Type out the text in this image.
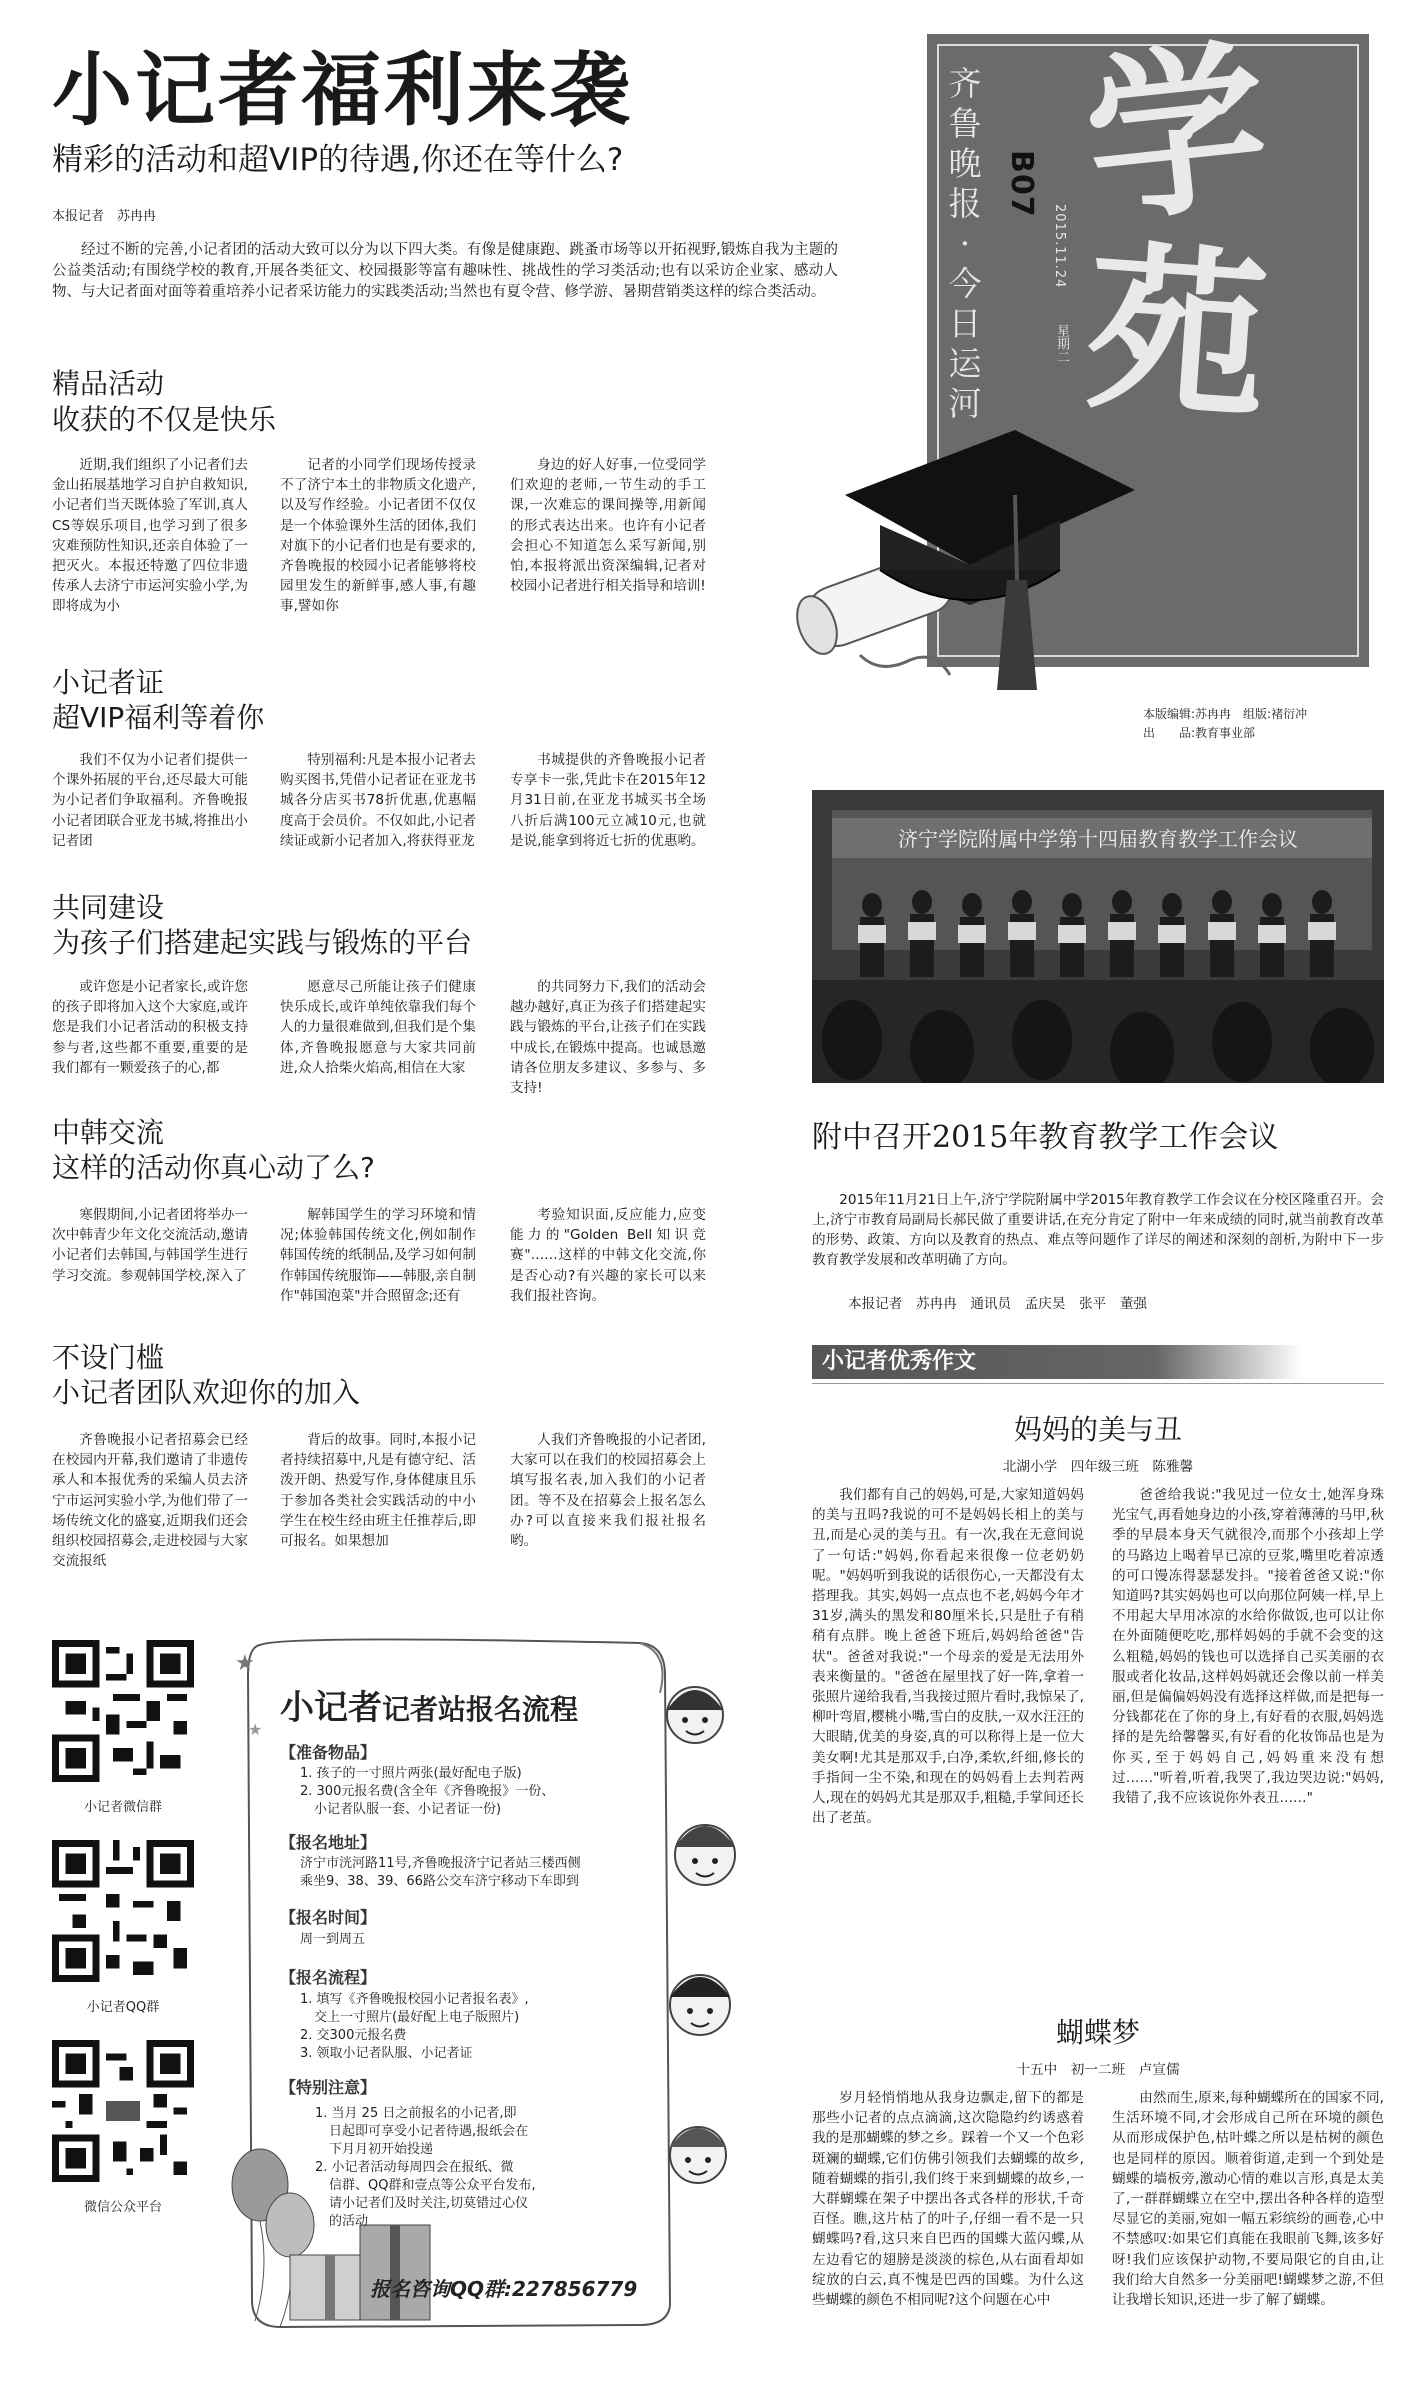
小记者福利来袭
精彩的活动和超VIP的待遇,你还在等什么?
本报记者　苏冉冉

经过不断的完善,小记者团的活动大致可以分为以下四大类。有像是健康跑、跳蚤市场等以开拓视野,锻炼自我为主题的公益类活动;有围绕学校的教育,开展各类征文、校园摄影等富有趣味性、挑战性的学习类活动;也有以采访企业家、感动人物、与大记者面对面等着重培养小记者采访能力的实践类活动;当然也有夏令营、修学游、暑期营销类这样的综合类活动。

精品活动
收获的不仅是快乐

近期,我们组织了小记者们去金山拓展基地学习自护自救知识,小记者们当天既体验了军训,真人CS等娱乐项目,也学习到了很多灾难预防性知识,还亲自体验了一把灭火。本报还特邀了四位非遗传承人去济宁市运河实验小学,为即将成为小

记者的小同学们现场传授录不了济宁本土的非物质文化遗产,以及写作经验。小记者团不仅仅是一个体验课外生活的团体,我们对旗下的小记者们也是有要求的,齐鲁晚报的校园小记者能够将校园里发生的新鲜事,感人事,有趣事,譬如你

身边的好人好事,一位受同学们欢迎的老师,一节生动的手工课,一次难忘的课间操等,用新闻的形式表达出来。也许有小记者会担心不知道怎么采写新闻,别怕,本报将派出资深编辑,记者对校园小记者进行相关指导和培训!

小记者证
超VIP福利等着你

我们不仅为小记者们提供一个课外拓展的平台,还尽最大可能为小记者们争取福利。齐鲁晚报小记者团联合亚龙书城,将推出小记者团

特别福利:凡是本报小记者去购买图书,凭借小记者证在亚龙书城各分店买书78折优惠,优惠幅度高于会员价。不仅如此,小记者续证或新小记者加入,将获得亚龙

书城提供的齐鲁晚报小记者专享卡一张,凭此卡在2015年12月31日前,在亚龙书城买书全场八折后满100元立减10元,也就是说,能拿到将近七折的优惠哟。

共同建设
为孩子们搭建起实践与锻炼的平台

或许您是小记者家长,或许您的孩子即将加入这个大家庭,或许您是我们小记者活动的积极支持参与者,这些都不重要,重要的是我们都有一颗爱孩子的心,都

愿意尽己所能让孩子们健康快乐成长,或许单纯依靠我们每个人的力量很难做到,但我们是个集体,齐鲁晚报愿意与大家共同前进,众人拾柴火焰高,相信在大家

的共同努力下,我们的活动会越办越好,真正为孩子们搭建起实践与锻炼的平台,让孩子们在实践中成长,在锻炼中提高。也诚恳邀请各位朋友多建议、多参与、多支持!

中韩交流
这样的活动你真心动了么?

寒假期间,小记者团将举办一次中韩青少年文化交流活动,邀请小记者们去韩国,与韩国学生进行学习交流。参观韩国学校,深入了

解韩国学生的学习环境和情况;体验韩国传统文化,例如制作韩国传统的纸制品,及学习如何制作韩国传统服饰——韩服,亲自制作"韩国泡菜"并合照留念;还有

考验知识面,反应能力,应变能力的"Golden Bell知识竞赛"……这样的中韩文化交流,你是否心动?有兴趣的家长可以来我们报社咨询。

不设门槛
小记者团队欢迎你的加入

齐鲁晚报小记者招募会已经在校园内开幕,我们邀请了非遗传承人和本报优秀的采编人员去济宁市运河实验小学,为他们带了一场传统文化的盛宴,近期我们还会组织校园招募会,走进校园与大家交流报纸

背后的故事。同时,本报小记者持续招募中,凡是有德守纪、活泼开朗、热爱写作,身体健康且乐于参加各类社会实践活动的中小学生在校生经由班主任推荐后,即可报名。如果想加

人我们齐鲁晚报的小记者团,大家可以在我们的校园招募会上填写报名表,加入我们的小记者团。等不及在招募会上报名怎么办?可以直接来我们报社报名哟。

学
苑
齐鲁晚报·今日运河
B07
2015.11.24
星期二
本版编辑:苏冉冉　组版:褚衍冲
出　　品:教育事业部
济宁学院附属中学第十四届教育教学工作会议
附中召开2015年教育教学工作会议

2015年11月21日上午,济宁学院附属中学2015年教育教学工作会议在分校区隆重召开。会上,济宁市教育局副局长郝民做了重要讲话,在充分肯定了附中一年来成绩的同时,就当前教育改革的形势、政策、方向以及教育的热点、难点等问题作了详尽的阐述和深刻的剖析,为附中下一步教育教学发展和改革明确了方向。

本报记者　苏冉冉　通讯员　孟庆昊　张平　董强
小记者优秀作文
妈妈的美与丑
北湖小学　四年级三班　陈雅馨

我们都有自己的妈妈,可是,大家知道妈妈的美与丑吗?我说的可不是妈妈长相上的美与丑,而是心灵的美与丑。有一次,我在无意间说了一句话:"妈妈,你看起来很像一位老奶奶呢。"妈妈听到我说的话很伤心,一天都没有太搭理我。其实,妈妈一点点也不老,妈妈今年才31岁,满头的黑发和80厘米长,只是肚子有稍稍有点胖。晚上爸爸下班后,妈妈给爸爸"告状"。爸爸对我说:"一个母亲的爱是无法用外表来衡量的。"爸爸在屋里找了好一阵,拿着一张照片递给我看,当我接过照片看时,我惊呆了,柳叶弯眉,樱桃小嘴,雪白的皮肤,一双水汪汪的大眼睛,优美的身姿,真的可以称得上是一位大美女啊!尤其是那双手,白净,柔软,纤细,修长的手指间一尘不染,和现在的妈妈看上去判若两人,现在的妈妈尤其是那双手,粗糙,手掌间还长出了老茧。

爸爸给我说:"我见过一位女士,她浑身珠光宝气,再看她身边的小孩,穿着薄薄的马甲,秋季的早晨本身天气就很冷,而那个小孩却上学的马路边上喝着早已凉的豆浆,嘴里吃着凉透的可口馒冻得瑟瑟发抖。"接着爸爸又说:"你知道吗?其实妈妈也可以向那位阿姨一样,早上不用起大早用冰凉的水给你做饭,也可以让你在外面随便吃吃,那样妈妈的手就不会变的这么粗糙,妈妈的钱也可以选择自己买美丽的衣服或者化妆品,这样妈妈就还会像以前一样美丽,但是偏偏妈妈没有选择这样做,而是把每一分钱都花在了你的身上,有好看的衣服,妈妈选择的是先给馨馨买,有好看的化妆饰品也是为你买,至于妈妈自己,妈妈重来没有想过……"听着,听着,我哭了,我边哭边说:"妈妈,我错了,我不应该说你外表丑……"

蝴蝶梦
十五中　初一二班　卢宣儒

岁月轻悄悄地从我身边飘走,留下的都是那些小记者的点点滴滴,这次隐隐约约诱惑着我的是那蝴蝶的梦之乡。踩着一个又一个色彩斑斓的蝴蝶,它们仿佛引领我们去蝴蝶的故乡,随着蝴蝶的指引,我们终于来到蝴蝶的故乡,一大群蝴蝶在架子中摆出各式各样的形状,千奇百怪。瞧,这片枯了的叶子,仔细一看不是一只蝴蝶吗?看,这只来自巴西的国蝶大蓝闪蝶,从左边看它的翅膀是淡淡的棕色,从右面看却如绽放的白云,真不愧是巴西的国蝶。为什么这些蝴蝶的颜色不相同呢?这个问题在心中

由然而生,原来,每种蝴蝶所在的国家不同,生活环境不同,才会形成自己所在环境的颜色从而形成保护色,枯叶蝶之所以是枯树的颜色也是同样的原因。顺着街道,走到一个到处是蝴蝶的墙板旁,激动心情的难以言形,真是太美了,一群群蝴蝶立在空中,摆出各种各样的造型尽显它的美丽,宛如一幅五彩缤纷的画卷,心中不禁感叹:如果它们真能在我眼前飞舞,该多好呀!我们应该保护动物,不要局限它的自由,让我们给大自然多一分美丽吧!蝴蝶梦之游,不但让我增长知识,还进一步了解了蝴蝶。

小记者微信群
小记者QQ群
微信公众平台
★
★
小记者记者站报名流程
【准备物品】
1. 孩子的一寸照片两张(最好配电子版)
2. 300元报名费(含全年《齐鲁晚报》一份、
小记者队服一套、小记者证一份)
【报名地址】
济宁市洸河路11号,齐鲁晚报济宁记者站三楼西侧
乘坐9、38、39、66路公交车济宁移动下车即到
【报名时间】
周一到周五
【报名流程】
1. 填写《齐鲁晚报校园小记者报名表》,
交上一寸照片(最好配上电子版照片)
2. 交300元报名费
3. 领取小记者队服、小记者证
【特别注意】
1. 当月 25 日之前报名的小记者,即
日起即可享受小记者待遇,报纸会在
下月月初开始投递
2. 小记者活动每周四会在报纸、微
信群、QQ群和壹点等公众平台发布,
请小记者们及时关注,切莫错过心仪
的活动
报名咨询QQ群:227856779
